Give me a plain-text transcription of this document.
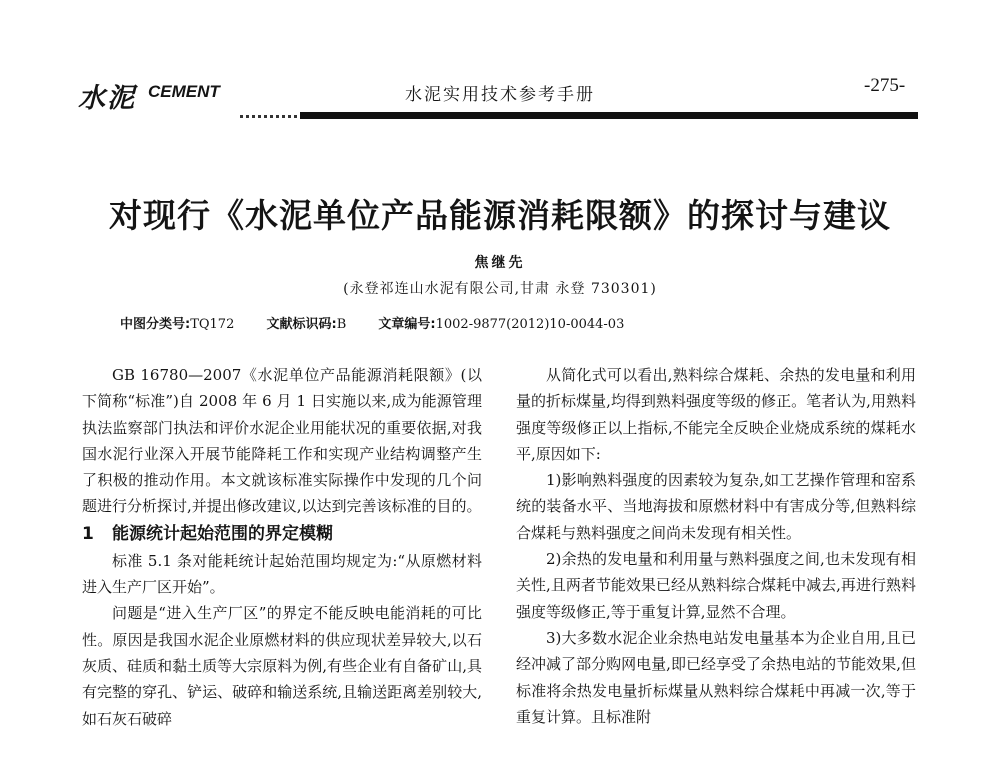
水泥 CEMENT	水泥实用技术参考手册	-275-
对现行《水泥单位产品能源消耗限额》的探讨与建议
焦继先
(永登祁连山水泥有限公司,甘肃 永登 730301)
中图分类号:TQ172 文献标识码:B 文章编号:1002-9877(2012)10-0044-03

GB 16780—2007《水泥单位产品能源消耗限额》(以下简称“标准”)自 2008 年 6 月 1 日实施以来,成为能源管理执法监察部门执法和评价水泥企业用能状况的重要依据,对我国水泥行业深入开展节能降耗工作和实现产业结构调整产生了积极的推动作用。本文就该标准实际操作中发现的几个问题进行分析探讨,并提出修改建议,以达到完善该标准的目的。

1 能源统计起始范围的界定模糊

标准 5.1 条对能耗统计起始范围均规定为:“从原燃材料进入生产厂区开始”。

问题是“进入生产厂区”的界定不能反映电能消耗的可比性。原因是我国水泥企业原燃材料的供应现状差异较大,以石灰质、硅质和黏土质等大宗原料为例,有些企业有自备矿山,具有完整的穿孔、铲运、破碎和输送系统,且输送距离差别较大,如石灰石破碎

从简化式可以看出,熟料综合煤耗、余热的发电量和利用量的折标煤量,均得到熟料强度等级的修正。笔者认为,用熟料强度等级修正以上指标,不能完全反映企业烧成系统的煤耗水平,原因如下:

1)影响熟料强度的因素较为复杂,如工艺操作管理和窑系统的装备水平、当地海拔和原燃材料中有害成分等,但熟料综合煤耗与熟料强度之间尚未发现有相关性。

2)余热的发电量和利用量与熟料强度之间,也未发现有相关性,且两者节能效果已经从熟料综合煤耗中减去,再进行熟料强度等级修正,等于重复计算,显然不合理。

3)大多数水泥企业余热电站发电量基本为企业自用,且已经冲减了部分购网电量,即已经享受了余热电站的节能效果,但标准将余热发电量折标煤量从熟料综合煤耗中再减一次,等于重复计算。且标准附
